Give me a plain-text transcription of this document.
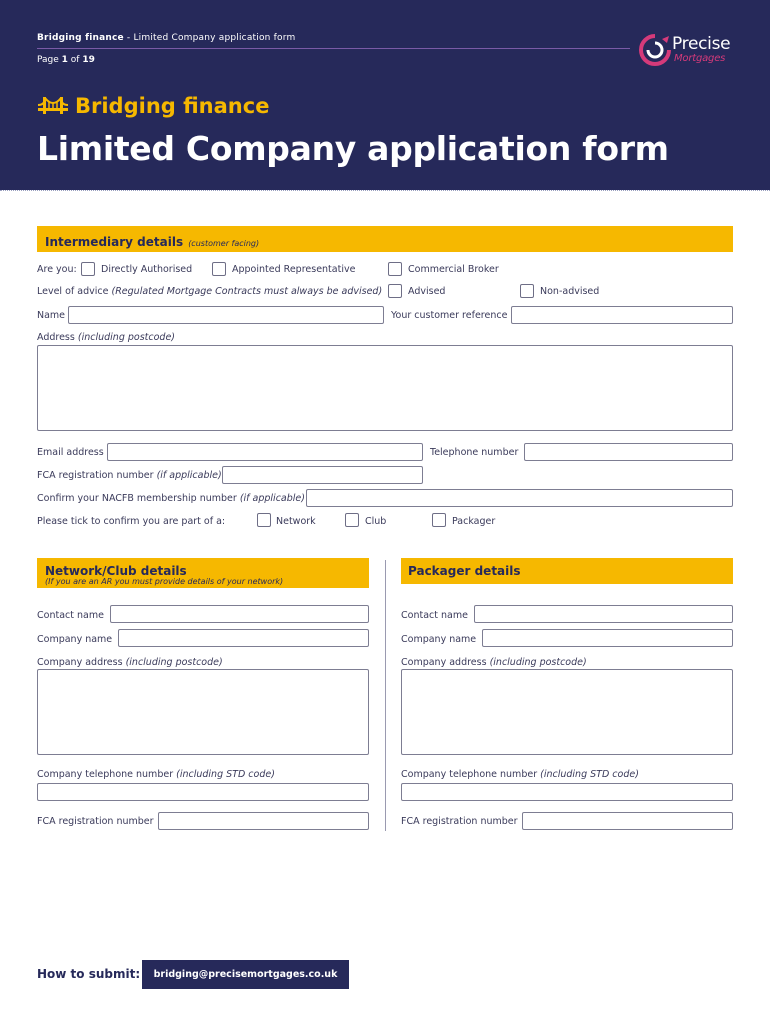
Bridging finance - Limited Company application form
Page 1 of 19
Precise
Mortgages
Bridging finance
Limited Company application form
Intermediary details (customer facing)
Are you:	Directly Authorised	Appointed Representative	Commercial Broker
Level of advice (Regulated Mortgage Contracts must always be advised)	Advised	Non-advised
Name	Your customer reference
Address (including postcode)
Email address	Telephone number
FCA registration number (if applicable)
Confirm your NACFB membership number (if applicable)
Please tick to confirm you are part of a:	Network	Club	Packager
Network/Club details
(If you are an AR you must provide details of your network)
Contact name
Company name
Company address (including postcode)
Company telephone number (including STD code)
FCA registration number
Packager details
Contact name
Company name
Company address (including postcode)
Company telephone number (including STD code)
FCA registration number
How to submit:	bridging@precisemortgages.co.uk
